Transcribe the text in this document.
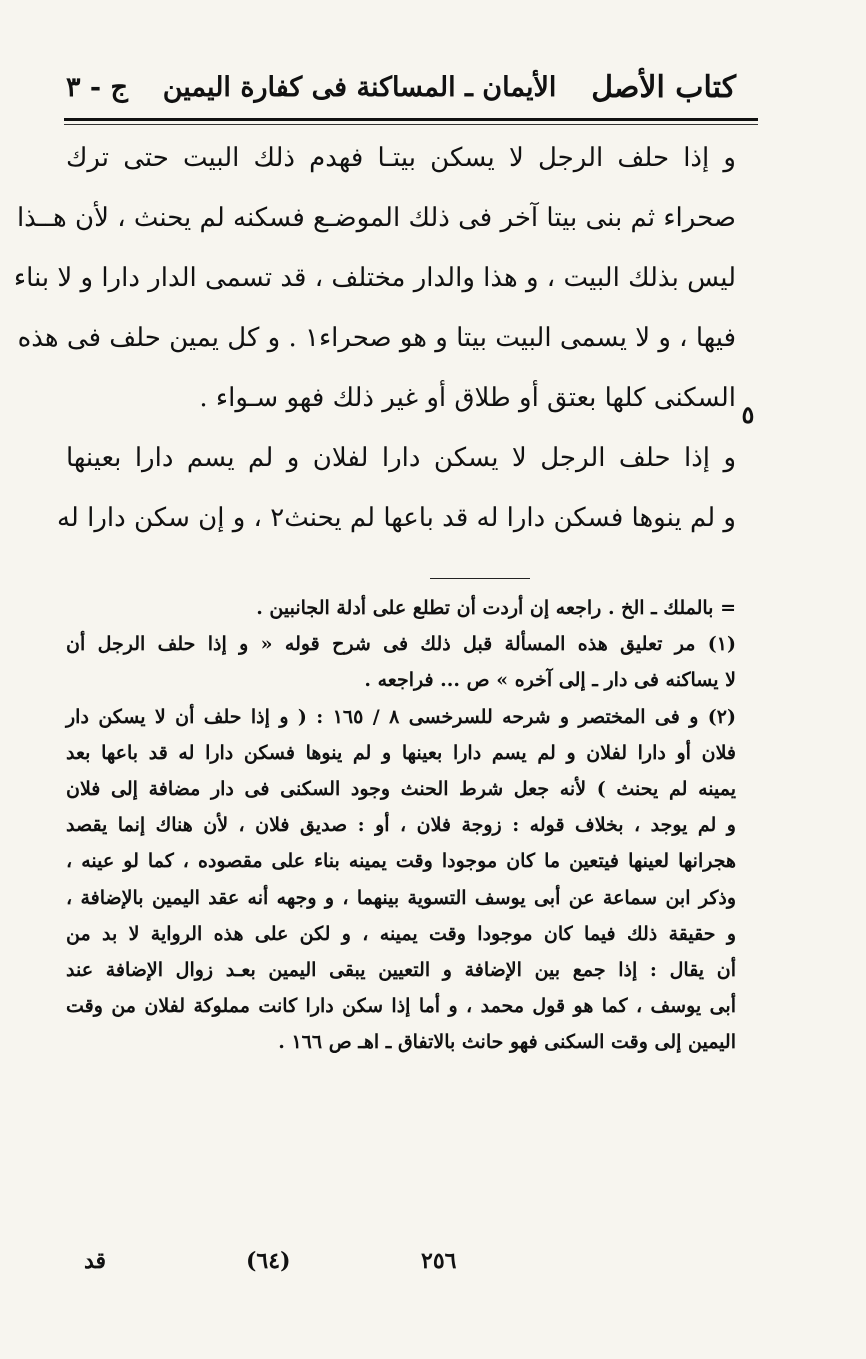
كتاب الأصل
الأيمان ـ المساكنة فى كفارة اليمين
ج - ٣
و إذا حلف الرجل لا يسكن بيتـا فهدم ذلك البيت حتى ترك
صحراء ثم بنى بيتا آخر فى ذلك الموضـع فسكنه لم يحنث ، لأن هــذا
ليس بذلك البيت ، و هذا والدار مختلف ، قد تسمى الدار دارا و لا بناء
فيها ، و لا يسمى البيت بيتا و هو صحراء١ . و كل يمين حلف فى هذه
السكنى كلها بعتق أو طلاق أو غير ذلك فهو سـواء .
و إذا حلف الرجل لا يسكن دارا لفلان و لم يسم دارا بعينها
و لم ينوها فسكن دارا له قد باعها لم يحنث٢ ، و إن سكن دارا له
٥
= بالملك ـ الخ . راجعه إن أردت أن تطلع على أدلة الجانبين .
(١) مر تعليق هذه المسألة قبل ذلك فى شرح قوله « و إذا حلف الرجل أن
لا يساكنه فى دار ـ إلى آخره » ص ... فراجعه .
(٢) و فى المختصر و شرحه للسرخسى ٨ / ١٦٥ : ( و إذا حلف أن لا يسكن دار
فلان أو دارا لفلان و لم يسم دارا بعينها و لم ينوها فسكن دارا له قد باعها بعد
يمينه لم يحنث ) لأنه جعل شرط الحنث وجود السكنى فى دار مضافة إلى فلان
و لم يوجد ، بخلاف قوله : زوجة فلان ، أو : صديق فلان ، لأن هناك إنما يقصد
هجرانها لعينها فيتعين ما كان موجودا وقت يمينه بناء على مقصوده ، كما لو عينه ،
وذكر ابن سماعة عن أبى يوسف التسوية بينهما ، و وجهه أنه عقد اليمين بالإضافة ،
و حقيقة ذلك فيما كان موجودا وقت يمينه ، و لكن على هذه الرواية لا بد من
أن يقال : إذا جمع بين الإضافة و التعيين يبقى اليمين بعـد زوال الإضافة عند
أبى يوسف ، كما هو قول محمد ، و أما إذا سكن دارا كانت مملوكة لفلان من وقت
اليمين إلى وقت السكنى فهو حانث بالاتفاق ـ اهـ ص ١٦٦ .
٢٥٦
(٦٤)
قد
